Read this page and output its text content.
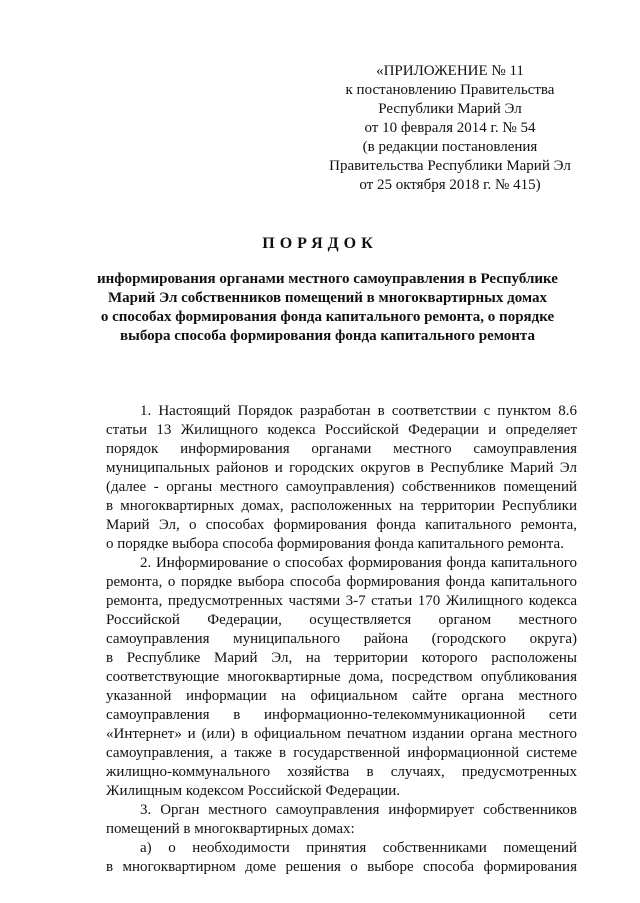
«ПРИЛОЖЕНИЕ № 11
к постановлению Правительства
Республики Марий Эл
от 10 февраля 2014 г. № 54
(в редакции постановления
Правительства Республики Марий Эл
от 25 октября 2018 г. № 415)
ПОРЯДОК
информирования органами местного самоуправления в Республике
Марий Эл собственников помещений в многоквартирных домах
о способах формирования фонда капитального ремонта, о порядке
выбора способа формирования фонда капитального ремонта
1. Настоящий Порядок разработан в соответствии с пунктом 8.6
статьи 13 Жилищного кодекса Российской Федерации и определяет
порядок информирования органами местного самоуправления
муниципальных районов и городских округов в Республике Марий Эл
(далее - органы местного самоуправления) собственников помещений
в многоквартирных домах, расположенных на территории Республики
Марий Эл, о способах формирования фонда капитального ремонта,
о порядке выбора способа формирования фонда капитального ремонта.
2. Информирование о способах формирования фонда капитального
ремонта, о порядке выбора способа формирования фонда капитального
ремонта, предусмотренных частями 3-7 статьи 170 Жилищного кодекса
Российской Федерации, осуществляется органом местного
самоуправления муниципального района (городского округа)
в Республике Марий Эл, на территории которого расположены
соответствующие многоквартирные дома, посредством опубликования
указанной информации на официальном сайте органа местного
самоуправления в информационно-телекоммуникационной сети
«Интернет» и (или) в официальном печатном издании органа местного
самоуправления, а также в государственной информационной системе
жилищно-коммунального хозяйства в случаях, предусмотренных
Жилищным кодексом Российской Федерации.
3. Орган местного самоуправления информирует собственников
помещений в многоквартирных домах:
а) о необходимости принятия собственниками помещений
в многоквартирном доме решения о выборе способа формирования
